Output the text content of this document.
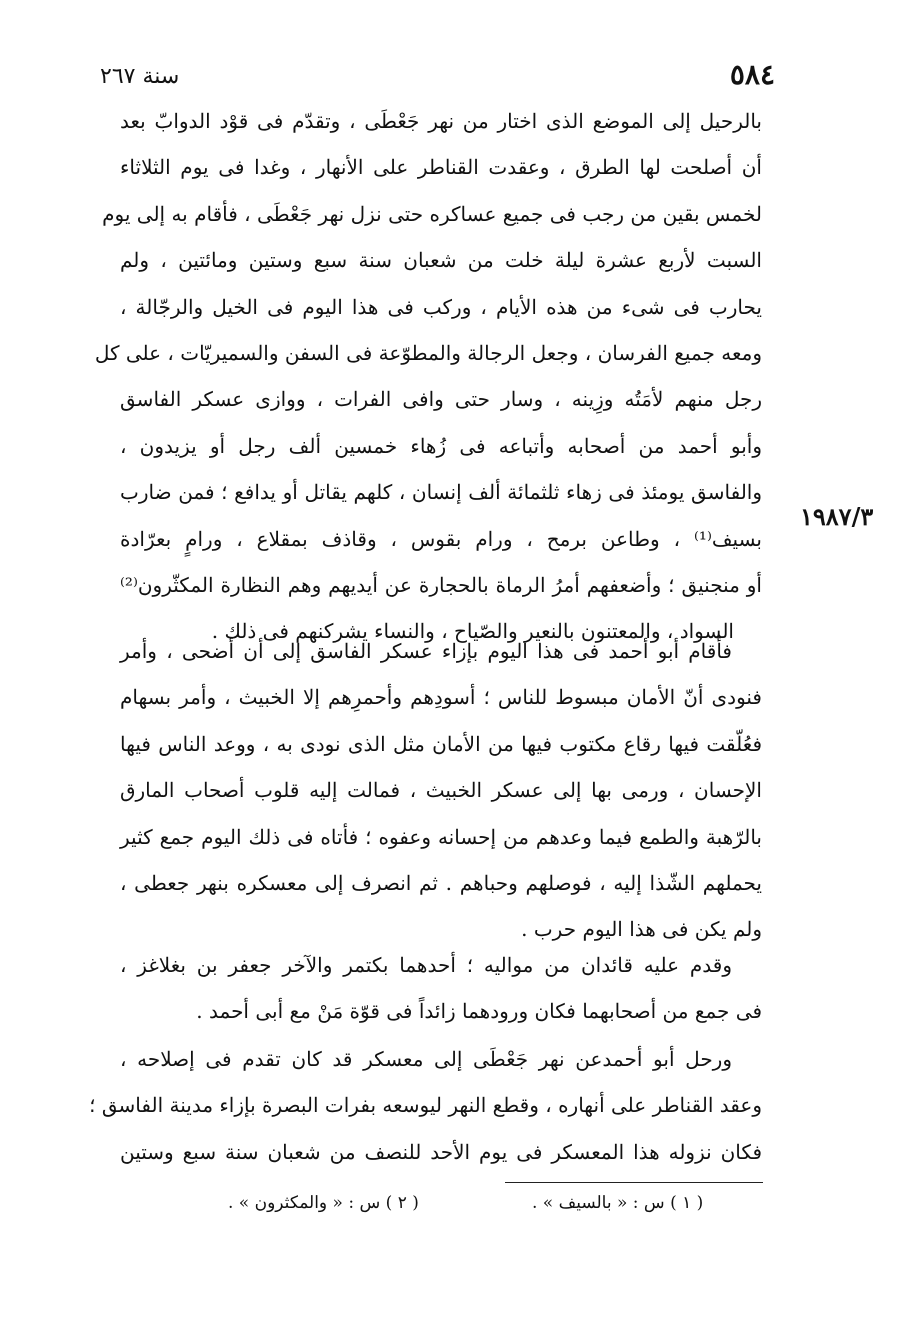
٥٨٤
سنة ٢٦٧
١٩٨٧/٣
بالرحيل إلى الموضع الذى اختار من نهر جَعْطَى ، وتقدّم فى قوْد الدوابّ بعد
أن أصلحت لها الطرق ، وعقدت القناطر على الأنهار ، وغدا فى يوم الثلاثاء
لخمس بقين من رجب فى جميع عساكره حتى نزل نهر جَعْطَى ، فأقام به إلى يوم
السبت لأربع عشرة ليلة خلت من شعبان سنة سبع وستين ومائتين ، ولم
يحارب فى شىء من هذه الأيام ، وركب فى هذا اليوم فى الخيل والرجّالة ،
ومعه جميع الفرسان ، وجعل الرجالة والمطوّعة فى السفن والسميريّات ، على كل
رجل منهم لأمَتُه وزِينه ، وسار حتى وافى الفرات ، ووازى عسكر الفاسق
وأبو أحمد من أصحابه وأتباعه فى زُهاء خمسين ألف رجل أو يزيدون ،
والفاسق يومئذ فى زهاء ثلثمائة ألف إنسان ، كلهم يقاتل أو يدافع ؛ فمن ضارب
بسيف⁽¹⁾ ، وطاعن برمح ، ورام بقوس ، وقاذف بمقلاع ، ورامٍ بعرّادة
أو منجنيق ؛ وأضعفهم أمرُ الرماة بالحجارة عن أيديهم وهم النظارة المكثّرون⁽²⁾
السواد ، والمعتنون بالنعير والصّياح ، والنساء يشركنهم فى ذلك .
فأقام أبو أحمد فى هذا اليوم بإزاء عسكر الفاسق إلى أن أضحى ، وأمر
فنودى أنّ الأمان مبسوط للناس ؛ أسودِهم وأحمرِهم إلا الخبيث ، وأمر بسهام
فعُلّقت فيها رقاع مكتوب فيها من الأمان مثل الذى نودى به ، ووعد الناس فيها
الإحسان ، ورمى بها إلى عسكر الخبيث ، فمالت إليه قلوب أصحاب المارق
بالرّهبة والطمع فيما وعدهم من إحسانه وعفوه ؛ فأتاه فى ذلك اليوم جمع كثير
يحملهم الشّذا إليه ، فوصلهم وحباهم . ثم انصرف إلى معسكره بنهر جعطى ،
ولم يكن فى هذا اليوم حرب .
وقدم عليه قائدان من مواليه ؛ أحدهما بكتمر والآخر جعفر بن بغلاغز ،
فى جمع من أصحابهما فكان ورودهما زائداً فى قوّة مَنْ مع أبى أحمد .
ورحل أبو أحمدعن نهر جَعْطَى إلى معسكر قد كان تقدم فى إصلاحه ،
وعقد القناطر على أنهاره ، وقطع النهر ليوسعه بفرات البصرة بإزاء مدينة الفاسق ؛
فكان نزوله هذا المعسكر فى يوم الأحد للنصف من شعبان سنة سبع وستين
( ١ ) س : « بالسيف » .
( ٢ ) س : « والمكثرون » .
